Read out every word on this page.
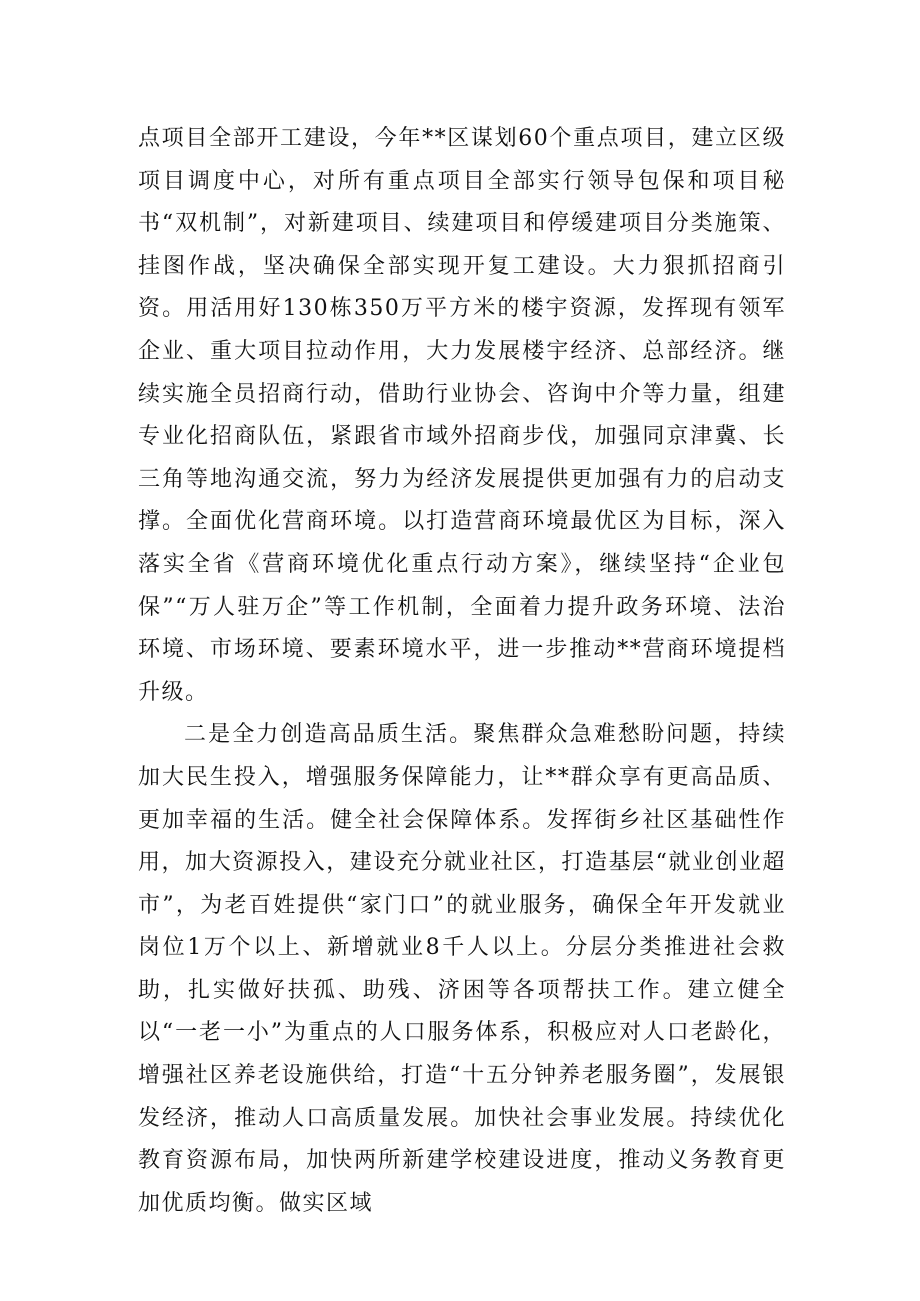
点项目全部开工建设，今年**区谋划60个重点项目，建立区级项目调度中心，对所有重点项目全部实行领导包保和项目秘书“双机制”，对新建项目、续建项目和停缓建项目分类施策、挂图作战，坚决确保全部实现开复工建设。大力狠抓招商引资。用活用好130栋350万平方米的楼宇资源，发挥现有领军企业、重大项目拉动作用，大力发展楼宇经济、总部经济。继续实施全员招商行动，借助行业协会、咨询中介等力量，组建专业化招商队伍，紧跟省市域外招商步伐，加强同京津冀、长三角等地沟通交流，努力为经济发展提供更加强有力的启动支撑。全面优化营商环境。以打造营商环境最优区为目标，深入落实全省《营商环境优化重点行动方案》，继续坚持“企业包保”“万人驻万企”等工作机制，全面着力提升政务环境、法治环境、市场环境、要素环境水平，进一步推动**营商环境提档升级。

二是全力创造高品质生活。聚焦群众急难愁盼问题，持续加大民生投入，增强服务保障能力，让**群众享有更高品质、更加幸福的生活。健全社会保障体系。发挥街乡社区基础性作用，加大资源投入，建设充分就业社区，打造基层“就业创业超市”，为老百姓提供“家门口”的就业服务，确保全年开发就业岗位1万个以上、新增就业8千人以上。分层分类推进社会救助，扎实做好扶孤、助残、济困等各项帮扶工作。建立健全以“一老一小”为重点的人口服务体系，积极应对人口老龄化，增强社区养老设施供给，打造“十五分钟养老服务圈”，发展银发经济，推动人口高质量发展。加快社会事业发展。持续优化教育资源布局，加快两所新建学校建设进度，推动义务教育更加优质均衡。做实区域
